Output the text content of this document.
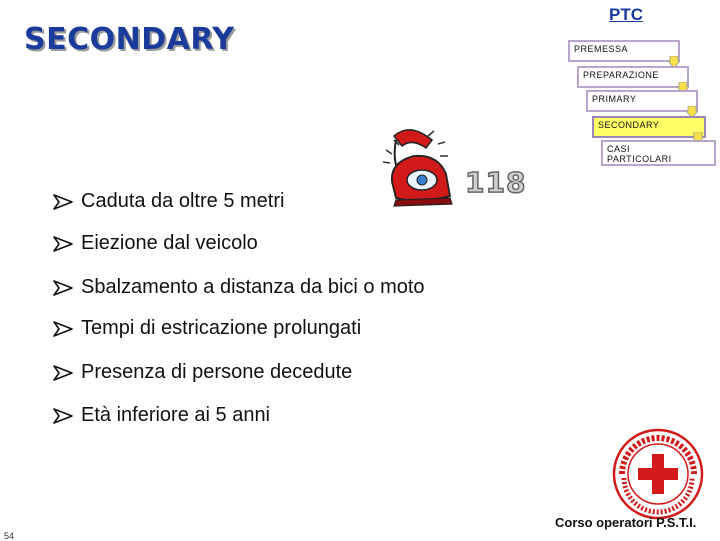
SECONDARY
PTC
PREMESSA
PREPARAZIONE
PRIMARY
SECONDARY
CASI
PARTICOLARI
Caduta da oltre 5 metri
Eiezione dal veicolo
Sbalzamento a distanza da bici o moto
Tempi di estricazione prolungati
Presenza di persone decedute
Età inferiore ai 5 anni
118
Corso operatori P.S.T.I.
54
